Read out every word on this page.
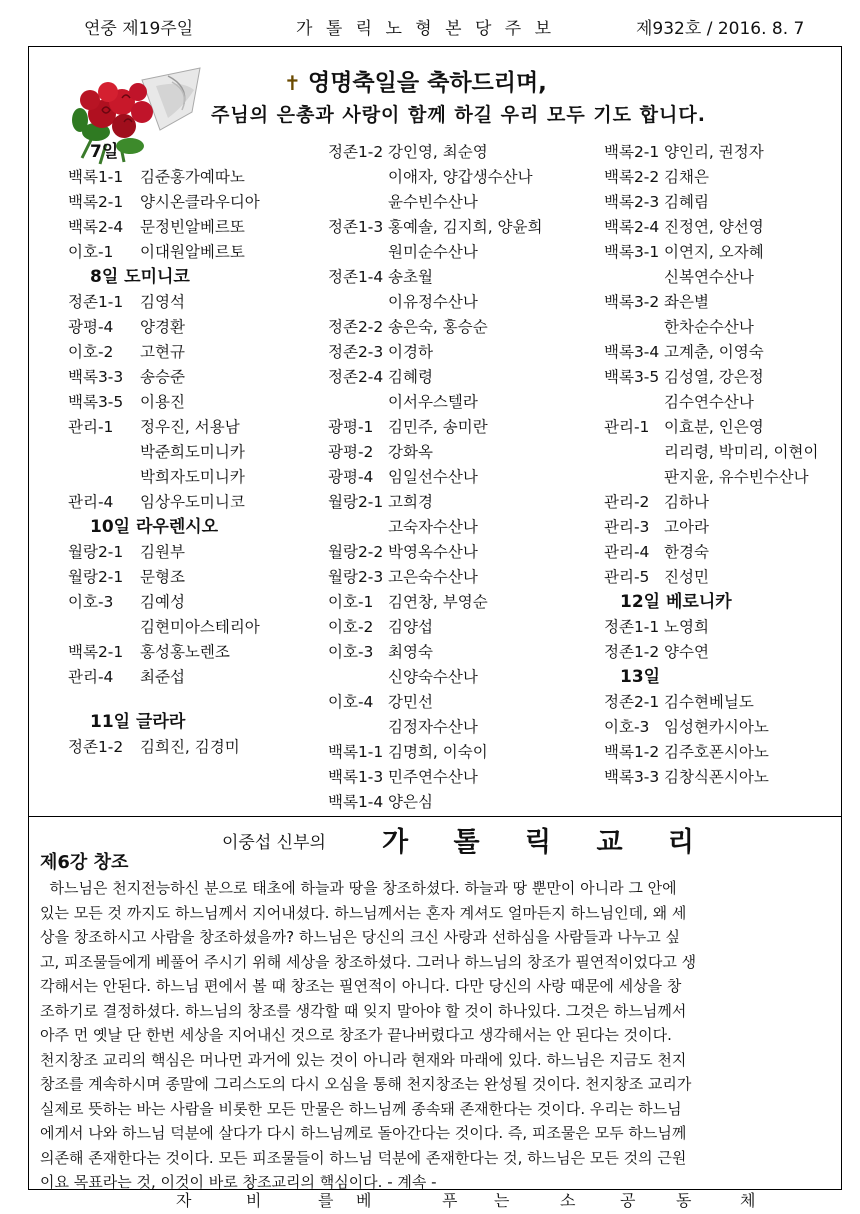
연중 제19주일	가 톨 릭 노 형 본 당 주 보	제932호 / 2016. 8. 7
✝ 영명축일을 축하드리며,
주님의 은총과 사랑이 함께 하길 우리 모두 기도 합니다.
7일
백록1-1 김준홍가예따노
백록2-1 양시온클라우디아
백록2-4 문정빈알베르또
이호-1 이대원알베르토
8일 도미니코
정존1-1 김영석
광평-4 양경환
이호-2 고현규
백록3-3 송승준
백록3-5 이용진
관리-1 정우진, 서용남
박준희도미니카
박희자도미니카
관리-4 임상우도미니코
10일 라우렌시오
월랑2-1 김원부
월랑2-1 문형조
이호-3 김예성
김현미아스테리아
백록2-1 홍성홍노렌조
관리-4 최준섭
11일 글라라
정존1-2 김희진, 김경미
정존1-2 강인영, 최순영
이애자, 양갑생수산나
윤수빈수산나
정존1-3 홍예솔, 김지희, 양윤희
원미순수산나
정존1-4 송초월
이유정수산나
정존2-2 송은숙, 홍승순
정존2-3 이경하
정존2-4 김혜령
이서우스텔라
광평-1 김민주, 송미란
광평-2 강화옥
광평-4 임일선수산나
월랑2-1 고희경
고숙자수산나
월랑2-2 박영옥수산나
월랑2-3 고은숙수산나
이호-1 김연창, 부영순
이호-2 김양섭
이호-3 최영숙
신양숙수산나
이호-4 강민선
김정자수산나
백록1-1 김명희, 이숙이
백록1-3 민주연수산나
백록1-4 양은심
백록2-1 양인리, 권정자
백록2-2 김채은
백록2-3 김혜림
백록2-4 진정연, 양선영
백록3-1 이연지, 오자혜
신복연수산나
백록3-2 좌은별
한차순수산나
백록3-4 고계춘, 이영숙
백록3-5 김성열, 강은정
김수연수산나
관리-1 이효분, 인은영
리리령, 박미리, 이현이
판지윤, 유수빈수산나
관리-2 김하나
관리-3 고아라
관리-4 한경숙
관리-5 진성민
12일 베로니카
정존1-1 노영희
정존1-2 양수연
13일
정존2-1 김수현베닐도
이호-3 임성현카시아노
백록1-2 김주호폰시아노
백록3-3 김창식폰시아노
이중섭 신부의 가 톨 릭 교 리
제6강 창조
하느님은 천지전능하신 분으로 태초에 하늘과 땅을 창조하셨다. 하늘과 땅 뿐만이 아니라 그 안에
있는 모든 것 까지도 하느님께서 지어내셨다. 하느님께서는 혼자 계셔도 얼마든지 하느님인데, 왜 세
상을 창조하시고 사람을 창조하셨을까? 하느님은 당신의 크신 사랑과 선하심을 사람들과 나누고 싶
고, 피조물들에게 베풀어 주시기 위해 세상을 창조하셨다. 그러나 하느님의 창조가 필연적이었다고 생
각해서는 안된다. 하느님 편에서 볼 때 창조는 필연적이 아니다. 다만 당신의 사랑 때문에 세상을 창
조하기로 결정하셨다. 하느님의 창조를 생각할 때 잊지 말아야 할 것이 하나있다. 그것은 하느님께서
아주 먼 옛날 단 한번 세상을 지어내신 것으로 창조가 끝나버렸다고 생각해서는 안 된다는 것이다.
천지창조 교리의 핵심은 머나먼 과거에 있는 것이 아니라 현재와 마래에 있다. 하느님은 지금도 천지
창조를 계속하시며 종말에 그리스도의 다시 오심을 통해 천지창조는 완성될 것이다. 천지창조 교리가
실제로 뜻하는 바는 사람을 비롯한 모든 만물은 하느님께 종속돼 존재한다는 것이다. 우리는 하느님
에게서 나와 하느님 덕분에 살다가 다시 하느님께로 돌아간다는 것이다. 즉, 피조물은 모두 하느님께
의존해 존재한다는 것이다. 모든 피조물들이 하느님 덕분에 존재한다는 것, 하느님은 모든 것의 근원
이요 목표라는 것, 이것이 바로 창조교리의 핵심이다. - 계속 -
자	비	를 베	푸 는	소	공	동	체
